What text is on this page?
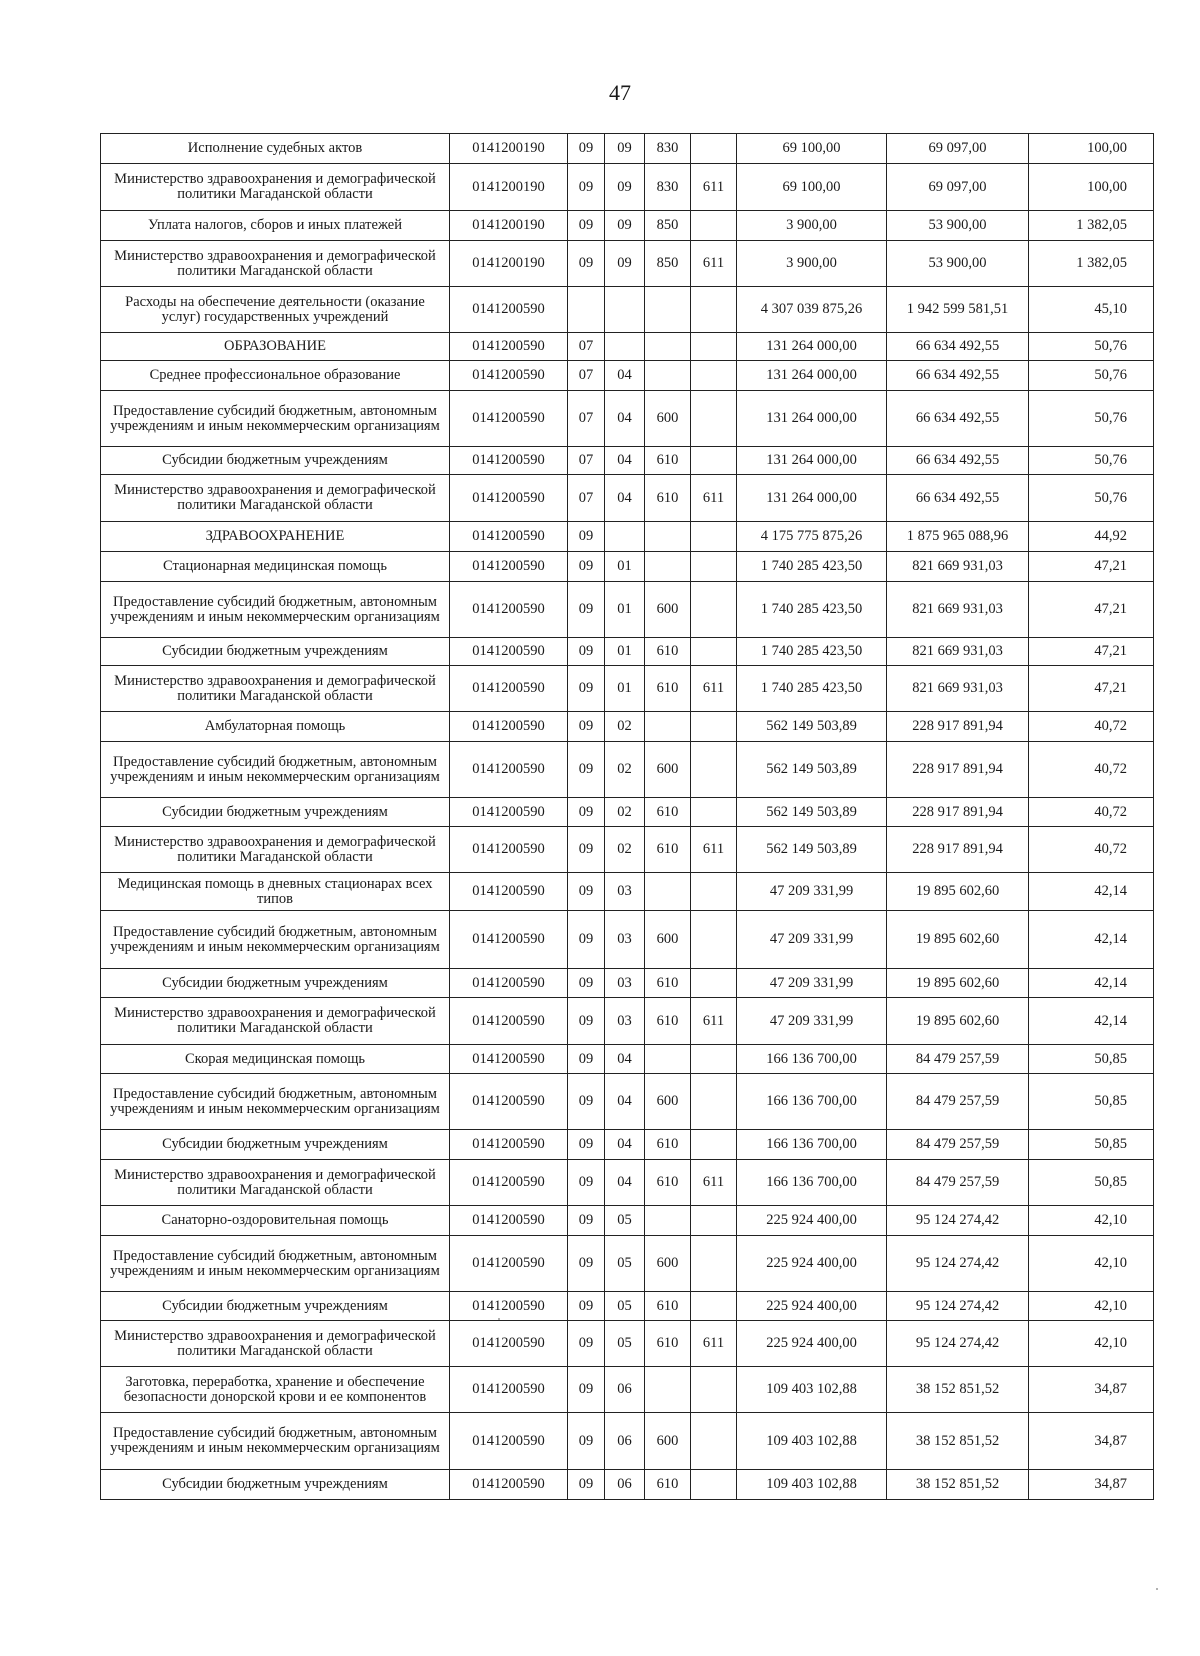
47
Исполнение судебных актов	0141200190	09	09	830		69 100,00	69 097,00	100,00
Министерство здравоохранения и демографической политики Магаданской области	0141200190	09	09	830	611	69 100,00	69 097,00	100,00
Уплата налогов, сборов и иных платежей	0141200190	09	09	850		3 900,00	53 900,00	1 382,05
Министерство здравоохранения и демографической политики Магаданской области	0141200190	09	09	850	611	3 900,00	53 900,00	1 382,05
Расходы на обеспечение деятельности (оказание услуг) государственных учреждений	0141200590					4 307 039 875,26	1 942 599 581,51	45,10
ОБРАЗОВАНИЕ	0141200590	07				131 264 000,00	66 634 492,55	50,76
Среднее профессиональное образование	0141200590	07	04			131 264 000,00	66 634 492,55	50,76
Предоставление субсидий бюджетным, автономным учреждениям и иным некоммерческим организациям	0141200590	07	04	600		131 264 000,00	66 634 492,55	50,76
Субсидии бюджетным учреждениям	0141200590	07	04	610		131 264 000,00	66 634 492,55	50,76
Министерство здравоохранения и демографической политики Магаданской области	0141200590	07	04	610	611	131 264 000,00	66 634 492,55	50,76
ЗДРАВООХРАНЕНИЕ	0141200590	09				4 175 775 875,26	1 875 965 088,96	44,92
Стационарная медицинская помощь	0141200590	09	01			1 740 285 423,50	821 669 931,03	47,21
Предоставление субсидий бюджетным, автономным учреждениям и иным некоммерческим организациям	0141200590	09	01	600		1 740 285 423,50	821 669 931,03	47,21
Субсидии бюджетным учреждениям	0141200590	09	01	610		1 740 285 423,50	821 669 931,03	47,21
Министерство здравоохранения и демографической политики Магаданской области	0141200590	09	01	610	611	1 740 285 423,50	821 669 931,03	47,21
Амбулаторная помощь	0141200590	09	02			562 149 503,89	228 917 891,94	40,72
Предоставление субсидий бюджетным, автономным учреждениям и иным некоммерческим организациям	0141200590	09	02	600		562 149 503,89	228 917 891,94	40,72
Субсидии бюджетным учреждениям	0141200590	09	02	610		562 149 503,89	228 917 891,94	40,72
Министерство здравоохранения и демографической политики Магаданской области	0141200590	09	02	610	611	562 149 503,89	228 917 891,94	40,72
Медицинская помощь в дневных стационарах всех типов	0141200590	09	03			47 209 331,99	19 895 602,60	42,14
Предоставление субсидий бюджетным, автономным учреждениям и иным некоммерческим организациям	0141200590	09	03	600		47 209 331,99	19 895 602,60	42,14
Субсидии бюджетным учреждениям	0141200590	09	03	610		47 209 331,99	19 895 602,60	42,14
Министерство здравоохранения и демографической политики Магаданской области	0141200590	09	03	610	611	47 209 331,99	19 895 602,60	42,14
Скорая медицинская помощь	0141200590	09	04			166 136 700,00	84 479 257,59	50,85
Предоставление субсидий бюджетным, автономным учреждениям и иным некоммерческим организациям	0141200590	09	04	600		166 136 700,00	84 479 257,59	50,85
Субсидии бюджетным учреждениям	0141200590	09	04	610		166 136 700,00	84 479 257,59	50,85
Министерство здравоохранения и демографической политики Магаданской области	0141200590	09	04	610	611	166 136 700,00	84 479 257,59	50,85
Санаторно-оздоровительная помощь	0141200590	09	05			225 924 400,00	95 124 274,42	42,10
Предоставление субсидий бюджетным, автономным учреждениям и иным некоммерческим организациям	0141200590	09	05	600		225 924 400,00	95 124 274,42	42,10
Субсидии бюджетным учреждениям	0141200590	09	05	610		225 924 400,00	95 124 274,42	42,10
Министерство здравоохранения и демографической политики Магаданской области	0141200590	09	05	610	611	225 924 400,00	95 124 274,42	42,10
Заготовка, переработка, хранение и обеспечение безопасности донорской крови и ее компонентов	0141200590	09	06			109 403 102,88	38 152 851,52	34,87
Предоставление субсидий бюджетным, автономным учреждениям и иным некоммерческим организациям	0141200590	09	06	600		109 403 102,88	38 152 851,52	34,87
Субсидии бюджетным учреждениям	0141200590	09	06	610		109 403 102,88	38 152 851,52	34,87
